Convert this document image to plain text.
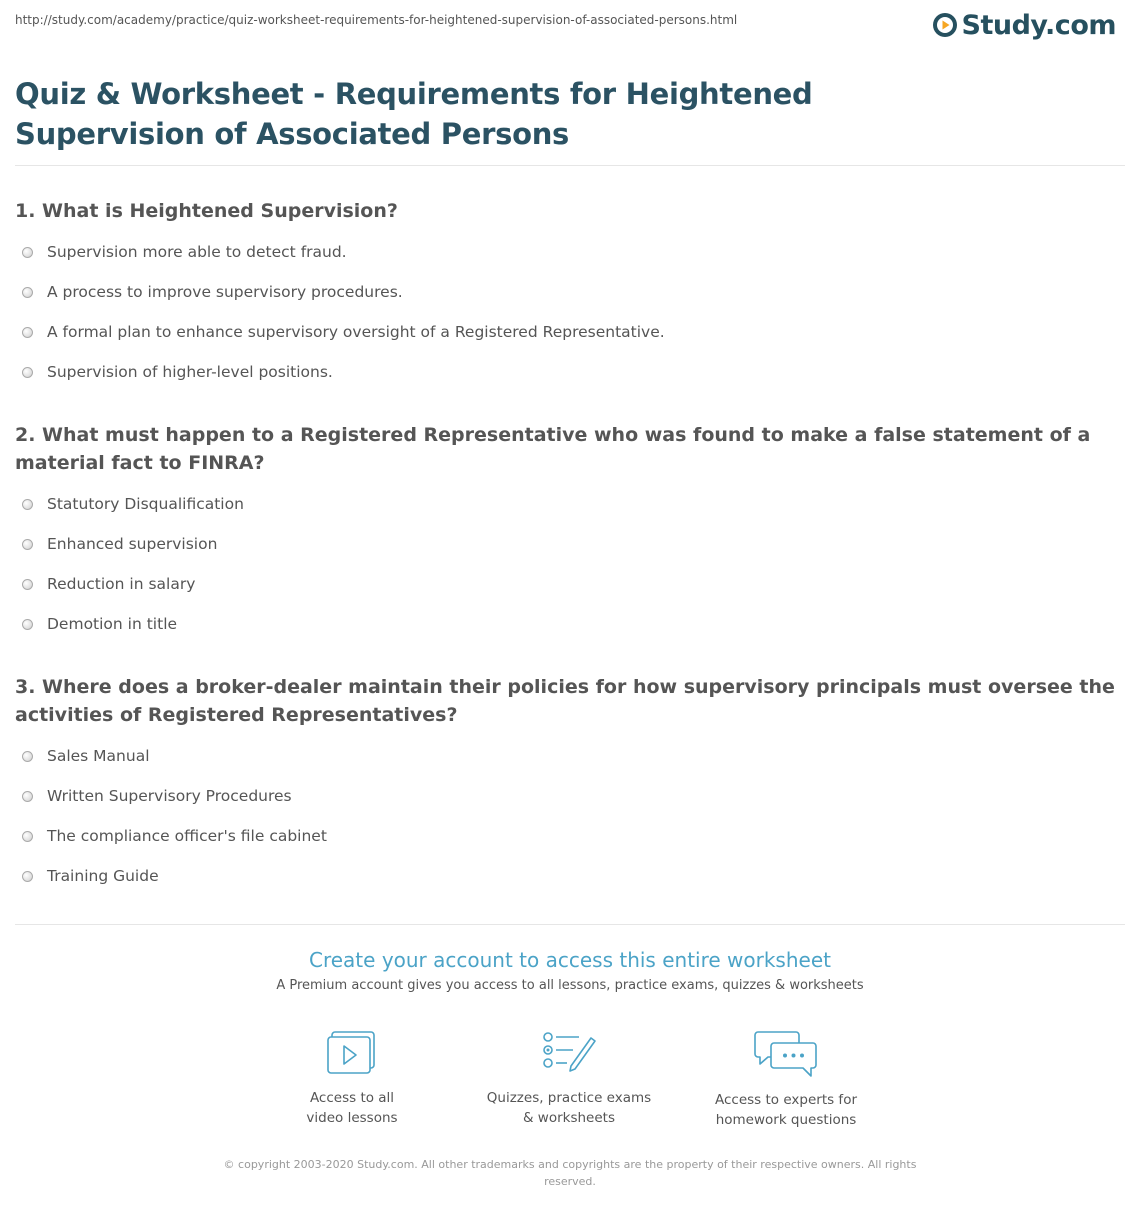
http://study.com/academy/practice/quiz-worksheet-requirements-for-heightened-supervision-of-associated-persons.html	Study.com
Quiz & Worksheet - Requirements for Heightened Supervision of Associated Persons
1. What is Heightened Supervision?
Supervision more able to detect fraud.
A process to improve supervisory procedures.
A formal plan to enhance supervisory oversight of a Registered Representative.
Supervision of higher-level positions.
2. What must happen to a Registered Representative who was found to make a false statement of a material fact to FINRA?
Statutory Disqualification
Enhanced supervision
Reduction in salary
Demotion in title
3. Where does a broker-dealer maintain their policies for how supervisory principals must oversee the activities of Registered Representatives?
Sales Manual
Written Supervisory Procedures
The compliance officer's file cabinet
Training Guide
Create your account to access this entire worksheet
A Premium account gives you access to all lessons, practice exams, quizzes & worksheets
Access to all
video lessons
Quizzes, practice exams
& worksheets
Access to experts for
homework questions
© copyright 2003-2020 Study.com. All other trademarks and copyrights are the property of their respective owners. All rights reserved.
